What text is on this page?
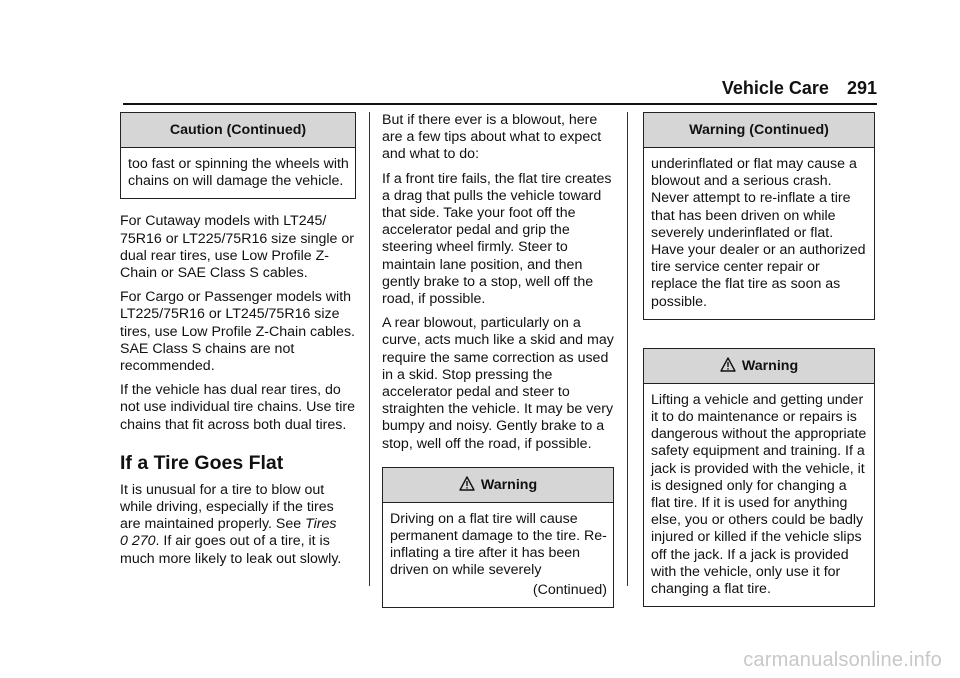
Vehicle Care 291
Caution (Continued)

too fast or spinning the wheels with chains on will damage the vehicle.

For Cutaway models with LT245/ 75R16 or LT225/75R16 size single or dual rear tires, use Low Profile Z-Chain or SAE Class S cables.

For Cargo or Passenger models with LT225/75R16 or LT245/75R16 size tires, use Low Profile Z-Chain cables. SAE Class S chains are not recommended.

If the vehicle has dual rear tires, do not use individual tire chains. Use tire chains that fit across both dual tires.

If a Tire Goes Flat

It is unusual for a tire to blow out while driving, especially if the tires are maintained properly. See Tires
0 270. If air goes out of a tire, it is much more likely to leak out slowly.

But if there ever is a blowout, here are a few tips about what to expect and what to do:

If a front tire fails, the flat tire creates a drag that pulls the vehicle toward that side. Take your foot off the accelerator pedal and grip the steering wheel firmly. Steer to maintain lane position, and then gently brake to a stop, well off the road, if possible.

A rear blowout, particularly on a curve, acts much like a skid and may require the same correction as used in a skid. Stop pressing the accelerator pedal and steer to straighten the vehicle. It may be very bumpy and noisy. Gently brake to a stop, well off the road, if possible.

Warning

Driving on a flat tire will cause permanent damage to the tire. Re-inflating a tire after it has been driven on while severely

(Continued)
Warning (Continued)

underinflated or flat may cause a blowout and a serious crash. Never attempt to re-inflate a tire that has been driven on while severely underinflated or flat. Have your dealer or an authorized tire service center repair or replace the flat tire as soon as possible.

Warning

Lifting a vehicle and getting under it to do maintenance or repairs is dangerous without the appropriate safety equipment and training. If a jack is provided with the vehicle, it is designed only for changing a flat tire. If it is used for anything else, you or others could be badly injured or killed if the vehicle slips off the jack. If a jack is provided with the vehicle, only use it for changing a flat tire.

carmanualsonline.info
